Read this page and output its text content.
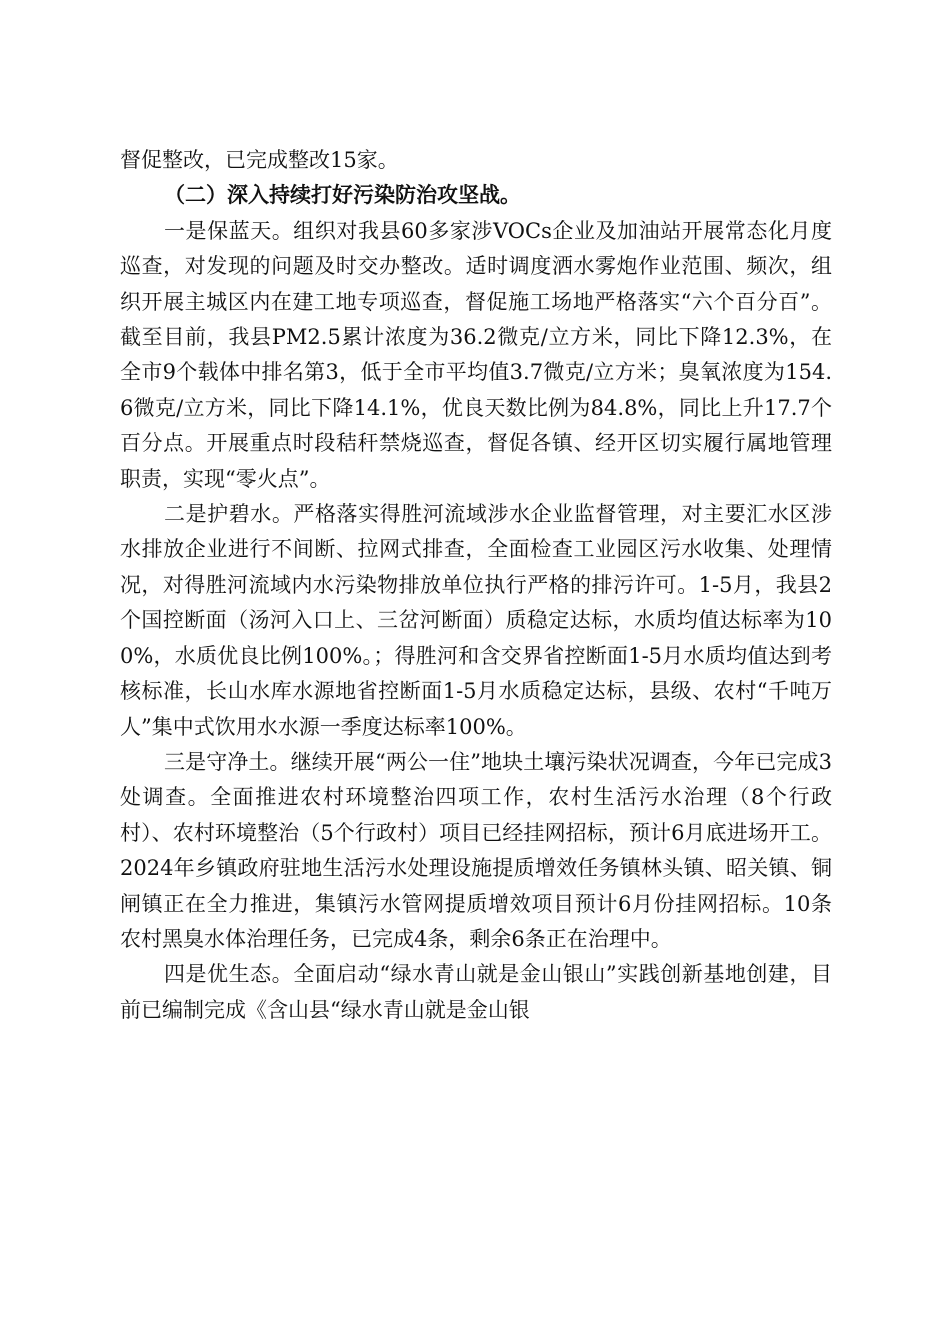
督促整改，已完成整改15家。

（二）深入持续打好污染防治攻坚战。

一是保蓝天。组织对我县60多家涉VOCs企业及加油站开展常态化月度巡查，对发现的问题及时交办整改。适时调度洒水雾炮作业范围、频次，组织开展主城区内在建工地专项巡查，督促施工场地严格落实“六个百分百”。截至目前，我县PM2.5累计浓度为36.2微克/立方米，同比下降12.3%，在全市9个载体中排名第3，低于全市平均值3.7微克/立方米；臭氧浓度为154.6微克/立方米，同比下降14.1%，优良天数比例为84.8%，同比上升17.7个百分点。开展重点时段秸秆禁烧巡查，督促各镇、经开区切实履行属地管理职责，实现“零火点”。

二是护碧水。严格落实得胜河流域涉水企业监督管理，对主要汇水区涉水排放企业进行不间断、拉网式排查，全面检查工业园区污水收集、处理情况，对得胜河流域内水污染物排放单位执行严格的排污许可。1-5月，我县2个国控断面（汤河入口上、三岔河断面）质稳定达标，水质均值达标率为100%，水质优良比例100%。；得胜河和含交界省控断面1-5月水质均值达到考核标准，长山水库水源地省控断面1-5月水质稳定达标，县级、农村“千吨万人”集中式饮用水水源一季度达标率100%。

三是守净土。继续开展“两公一住”地块土壤污染状况调查，今年已完成3处调查。全面推进农村环境整治四项工作，农村生活污水治理（8个行政村）、农村环境整治（5个行政村）项目已经挂网招标，预计6月底进场开工。2024年乡镇政府驻地生活污水处理设施提质增效任务镇林头镇、昭关镇、铜闸镇正在全力推进，集镇污水管网提质增效项目预计6月份挂网招标。10条农村黑臭水体治理任务，已完成4条，剩余6条正在治理中。

四是优生态。全面启动“绿水青山就是金山银山”实践创新基地创建，目前已编制完成《含山县“绿水青山就是金山银
